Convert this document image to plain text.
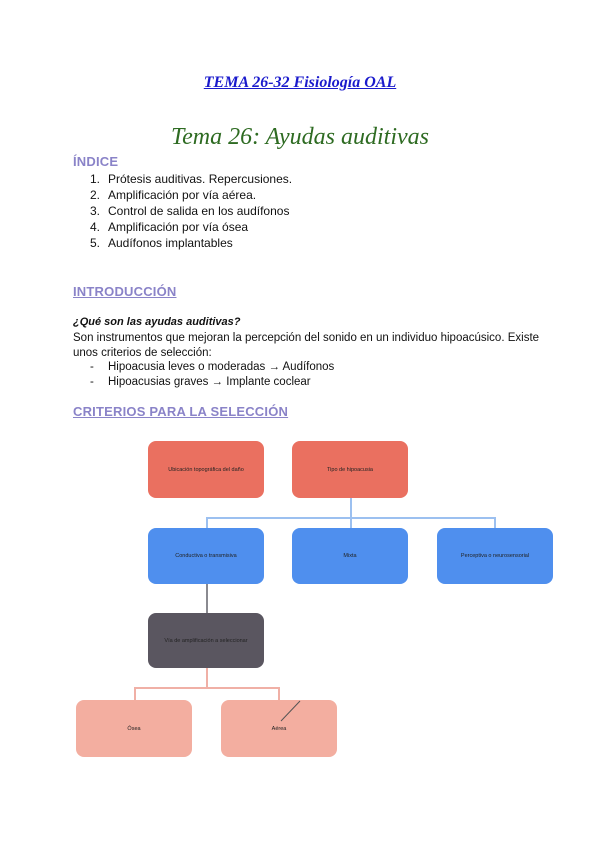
TEMA 26-32 Fisiología OAL
Tema 26: Ayudas auditivas
ÍNDICE
1. Prótesis auditivas. Repercusiones.
2. Amplificación por vía aérea.
3. Control de salida en los audífonos
4. Amplificación por vía ósea
5. Audífonos implantables
INTRODUCCIÓN
¿Qué son las ayudas auditivas?
Son instrumentos que mejoran la percepción del sonido en un individuo hipoacúsico. Existe unos criterios de selección:
-	Hipoacusia leves o moderadas → Audífonos
-	Hipoacusias graves → Implante coclear
CRITERIOS PARA LA SELECCIÓN
Ubicación topográfica del daño	Tipo de hipoacusia
Conductiva o transmisiva	Mixta	Perceptiva o neurosensorial
Vía de amplificación a seleccionar
Ósea	Aérea
